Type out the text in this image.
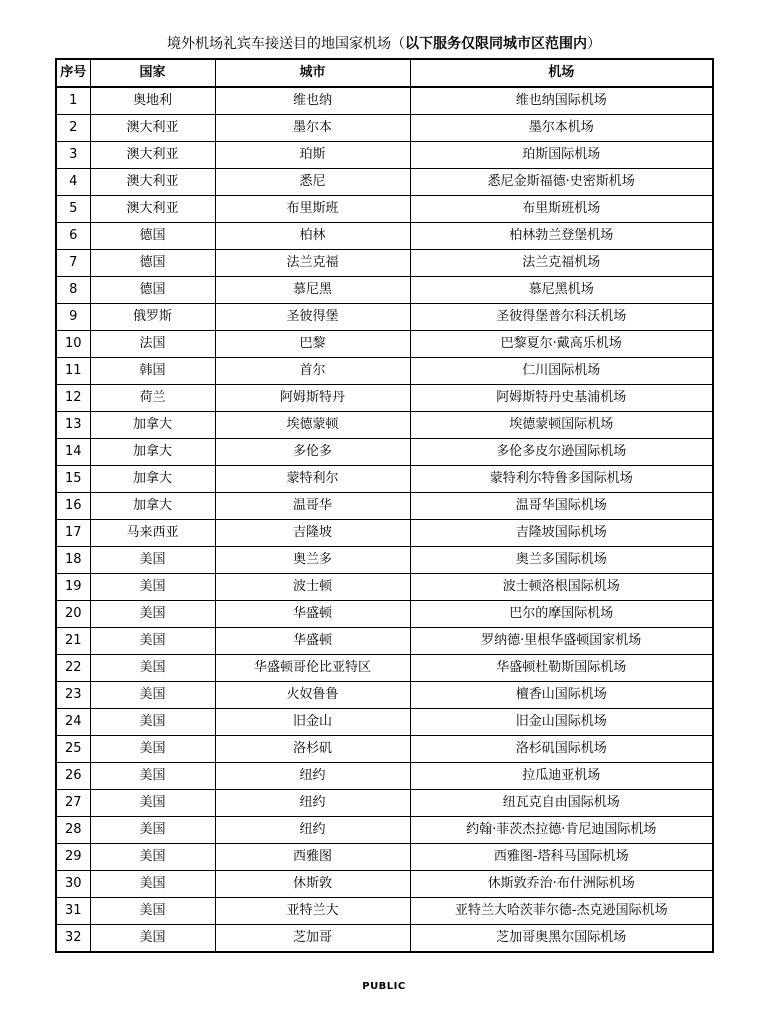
境外机场礼宾车接送目的地国家机场（以下服务仅限同城市区范围内）
序号	国家	城市	机场
1	奥地利	维也纳	维也纳国际机场
2	澳大利亚	墨尔本	墨尔本机场
3	澳大利亚	珀斯	珀斯国际机场
4	澳大利亚	悉尼	悉尼金斯福德·史密斯机场
5	澳大利亚	布里斯班	布里斯班机场
6	德国	柏林	柏林勃兰登堡机场
7	德国	法兰克福	法兰克福机场
8	德国	慕尼黑	慕尼黑机场
9	俄罗斯	圣彼得堡	圣彼得堡普尔科沃机场
10	法国	巴黎	巴黎夏尔·戴高乐机场
11	韩国	首尔	仁川国际机场
12	荷兰	阿姆斯特丹	阿姆斯特丹史基浦机场
13	加拿大	埃德蒙顿	埃德蒙顿国际机场
14	加拿大	多伦多	多伦多皮尔逊国际机场
15	加拿大	蒙特利尔	蒙特利尔特鲁多国际机场
16	加拿大	温哥华	温哥华国际机场
17	马来西亚	吉隆坡	吉隆坡国际机场
18	美国	奥兰多	奥兰多国际机场
19	美国	波士顿	波士顿洛根国际机场
20	美国	华盛顿	巴尔的摩国际机场
21	美国	华盛顿	罗纳德·里根华盛顿国家机场
22	美国	华盛顿哥伦比亚特区	华盛顿杜勒斯国际机场
23	美国	火奴鲁鲁	檀香山国际机场
24	美国	旧金山	旧金山国际机场
25	美国	洛杉矶	洛杉矶国际机场
26	美国	纽约	拉瓜迪亚机场
27	美国	纽约	纽瓦克自由国际机场
28	美国	纽约	约翰·菲茨杰拉德·肯尼迪国际机场
29	美国	西雅图	西雅图-塔科马国际机场
30	美国	休斯敦	休斯敦乔治·布什洲际机场
31	美国	亚特兰大	亚特兰大哈茨菲尔德-杰克逊国际机场
32	美国	芝加哥	芝加哥奥黑尔国际机场
PUBLIC
